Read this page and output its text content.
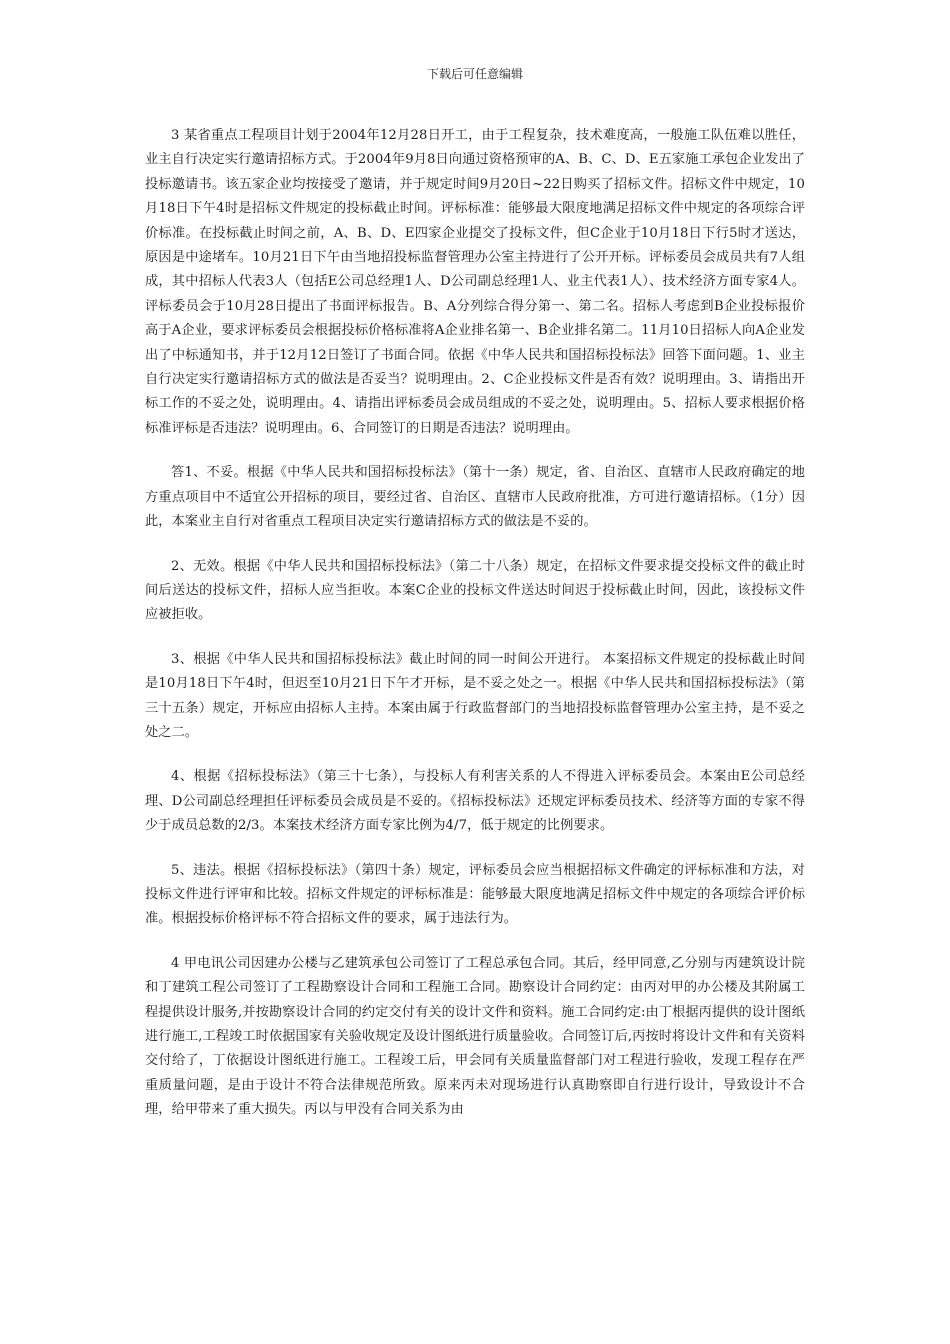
下载后可任意编辑

3 某省重点工程项目计划于2004年12月28日开工，由于工程复杂，技术难度高，一般施工队伍难以胜任，业主自行决定实行邀请招标方式。于2004年9月8日向通过资格预审的A、B、C、D、E五家施工承包企业发出了投标邀请书。该五家企业均按接受了邀请，并于规定时间9月20日~22日购买了招标文件。招标文件中规定，10月18日下午4时是招标文件规定的投标截止时间。评标标准：能够最大限度地满足招标文件中规定的各项综合评价标准。在投标截止时间之前，A、B、D、E四家企业提交了投标文件，但C企业于10月18日下行5时才送达，原因是中途堵车。10月21日下午由当地招投标监督管理办公室主持进行了公开开标。评标委员会成员共有7人组成，其中招标人代表3人（包括E公司总经理1人、D公司副总经理1人、业主代表1人）、技术经济方面专家4人。评标委员会于10月28日提出了书面评标报告。B、A分列综合得分第一、第二名。招标人考虑到B企业投标报价高于A企业，要求评标委员会根据投标价格标准将A企业排名第一、B企业排名第二。11月10日招标人向A企业发出了中标通知书，并于12月12日签订了书面合同。依据《中华人民共和国招标投标法》回答下面问题。1、业主自行决定实行邀请招标方式的做法是否妥当？说明理由。2、C企业投标文件是否有效？说明理由。3、请指出开标工作的不妥之处，说明理由。4、请指出评标委员会成员组成的不妥之处，说明理由。5、招标人要求根据价格标准评标是否违法？说明理由。6、合同签订的日期是否违法？说明理由。

答1、不妥。根据《中华人民共和国招标投标法》（第十一条）规定，省、自治区、直辖市人民政府确定的地方重点项目中不适宜公开招标的项目，要经过省、自治区、直辖市人民政府批准，方可进行邀请招标。（1分）因此，本案业主自行对省重点工程项目决定实行邀请招标方式的做法是不妥的。

2、无效。根据《中华人民共和国招标投标法》（第二十八条）规定，在招标文件要求提交投标文件的截止时间后送达的投标文件，招标人应当拒收。本案C企业的投标文件送达时间迟于投标截止时间，因此，该投标文件应被拒收。

3、根据《中华人民共和国招标投标法》截止时间的同一时间公开进行。 本案招标文件规定的投标截止时间是10月18日下午4时，但迟至10月21日下午才开标，是不妥之处之一。根据《中华人民共和国招标投标法》（第三十五条）规定，开标应由招标人主持。本案由属于行政监督部门的当地招投标监督管理办公室主持，是不妥之处之二。

4、根据《招标投标法》（第三十七条），与投标人有利害关系的人不得进入评标委员会。本案由E公司总经理、D公司副总经理担任评标委员会成员是不妥的。《招标投标法》还规定评标委员技术、经济等方面的专家不得少于成员总数的2/3。本案技术经济方面专家比例为4/7，低于规定的比例要求。

5、违法。根据《招标投标法》（第四十条）规定，评标委员会应当根据招标文件确定的评标标准和方法，对投标文件进行评审和比较。招标文件规定的评标标准是：能够最大限度地满足招标文件中规定的各项综合评价标准。根据投标价格评标不符合招标文件的要求，属于违法行为。

4 甲电讯公司因建办公楼与乙建筑承包公司签订了工程总承包合同。其后，经甲同意,乙分别与丙建筑设计院和丁建筑工程公司签订了工程勘察设计合同和工程施工合同。勘察设计合同约定：由丙对甲的办公楼及其附属工程提供设计服务,并按勘察设计合同的约定交付有关的设计文件和资料。施工合同约定:由丁根据丙提供的设计图纸进行施工,工程竣工时依据国家有关验收规定及设计图纸进行质量验收。合同签订后,丙按时将设计文件和有关资料交付给了，丁依据设计图纸进行施工。工程竣工后，甲会同有关质量监督部门对工程进行验收，发现工程存在严重质量问题，是由于设计不符合法律规范所致。原来丙未对现场进行认真勘察即自行进行设计，导致设计不合理，给甲带来了重大损失。丙以与甲没有合同关系为由
